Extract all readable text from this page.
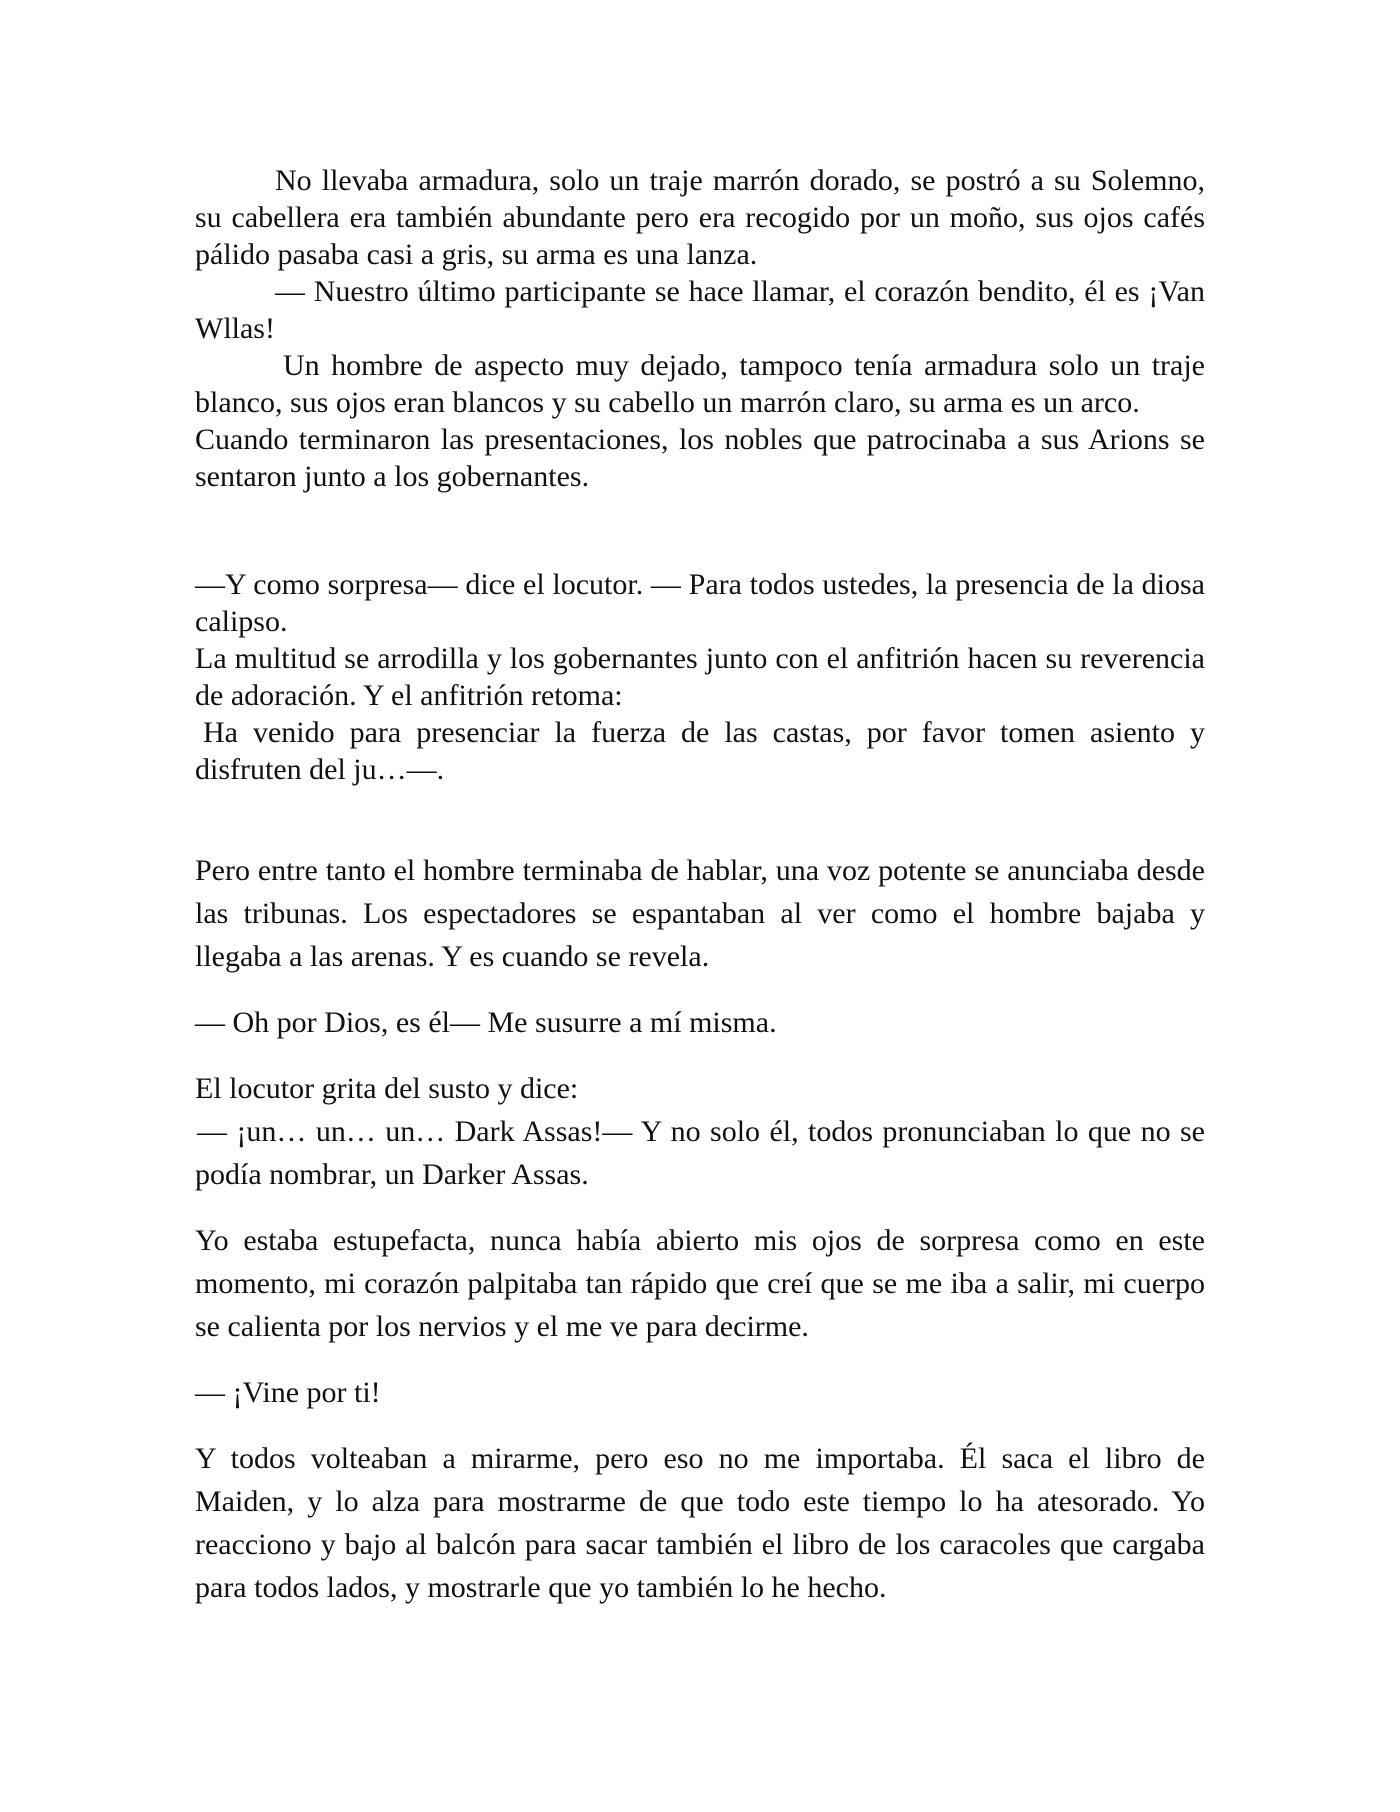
No llevaba armadura, solo un traje marrón dorado, se postró a su Solemno, su cabellera era también abundante pero era recogido por un moño, sus ojos cafés pálido pasaba casi a gris, su arma es una lanza.

— Nuestro último participante se hace llamar, el corazón bendito, él es ¡Van Wllas!

Un hombre de aspecto muy dejado, tampoco tenía armadura solo un traje blanco, sus ojos eran blancos y su cabello un marrón claro, su arma es un arco.

Cuando terminaron las presentaciones, los nobles que patrocinaba a sus Arions se sentaron junto a los gobernantes.

—Y como sorpresa— dice el locutor. — Para todos ustedes, la presencia de la diosa calipso.

La multitud se arrodilla y los gobernantes junto con el anfitrión hacen su reverencia de adoración. Y el anfitrión retoma:

Ha venido para presenciar la fuerza de las castas, por favor tomen asiento y disfruten del ju…—.

Pero entre tanto el hombre terminaba de hablar, una voz potente se anunciaba desde las tribunas. Los espectadores se espantaban al ver como el hombre bajaba y llegaba a las arenas. Y es cuando se revela.

— Oh por Dios, es él— Me susurre a mí misma.

El locutor grita del susto y dice:

— ¡un… un… un… Dark Assas!— Y no solo él, todos pronunciaban lo que no se podía nombrar, un Darker Assas.

Yo estaba estupefacta, nunca había abierto mis ojos de sorpresa como en este momento, mi corazón palpitaba tan rápido que creí que se me iba a salir, mi cuerpo se calienta por los nervios y el me ve para decirme.

— ¡Vine por ti!

Y todos volteaban a mirarme, pero eso no me importaba. Él saca el libro de Maiden, y lo alza para mostrarme de que todo este tiempo lo ha atesorado. Yo reacciono y bajo al balcón para sacar también el libro de los caracoles que cargaba para todos lados, y mostrarle que yo también lo he hecho.
